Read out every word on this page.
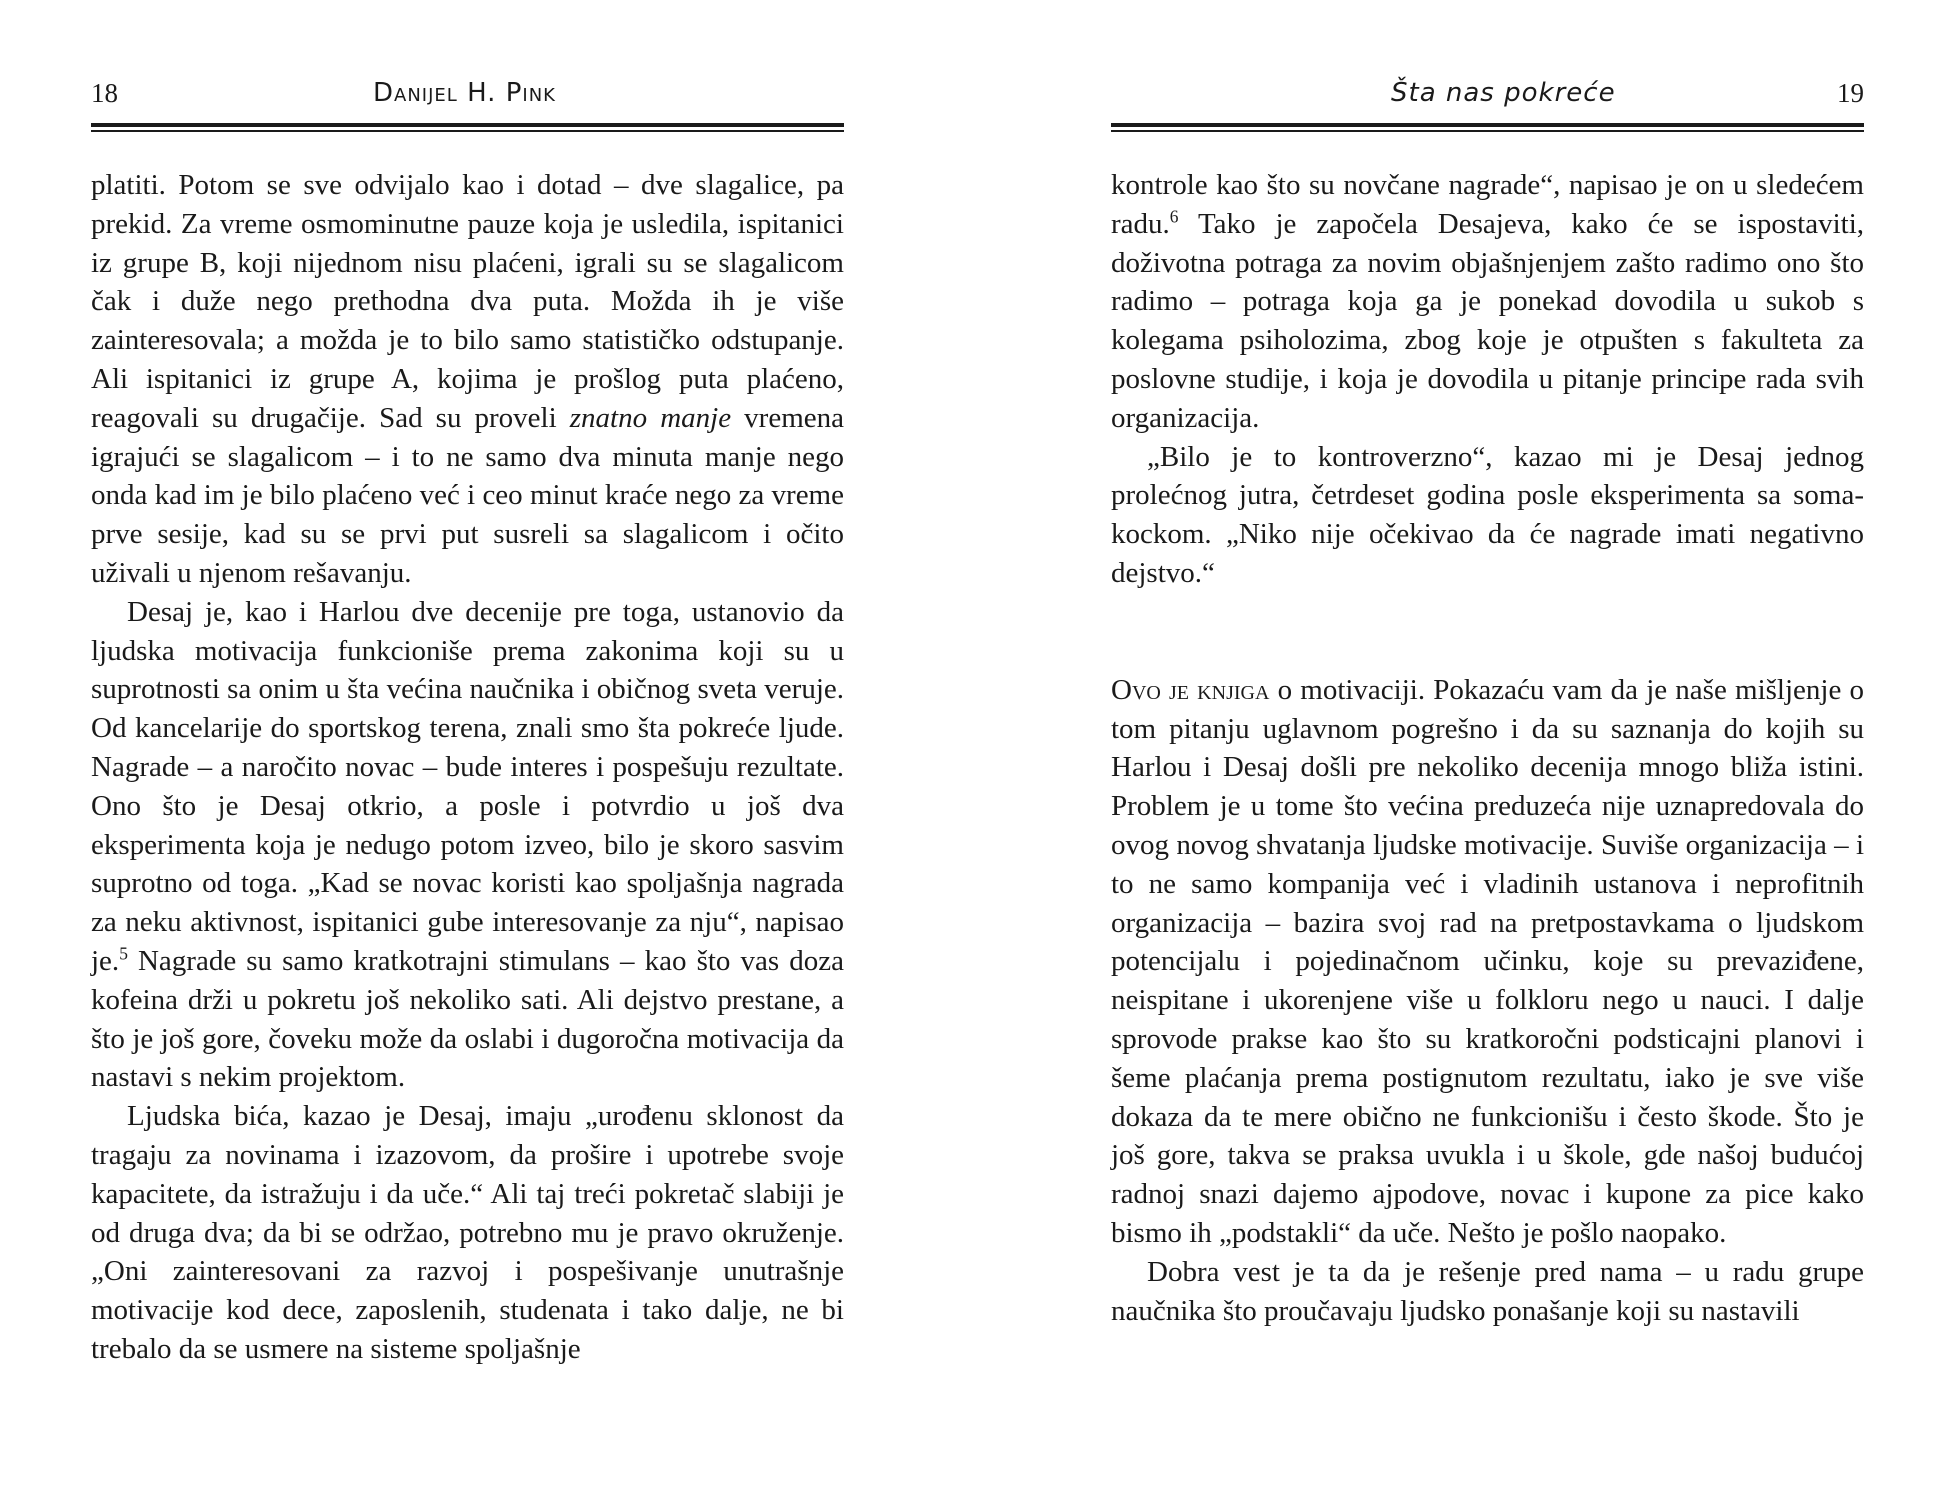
18	Danijel H. Pink

platiti. Potom se sve odvijalo kao i dotad – dve slagalice, pa prekid. Za vreme osmominutne pauze koja je usledila, ispitanici iz grupe B, koji nijednom nisu plaćeni, igrali su se slagalicom čak i duže nego prethodna dva puta. Možda ih je više zainteresovala; a možda je to bilo samo statističko odstupanje. Ali ispitanici iz grupe A, kojima je prošlog puta plaćeno, reagovali su drugačije. Sad su proveli znatno manje vremena igrajući se slagalicom – i to ne samo dva minuta manje nego onda kad im je bilo plaćeno već i ceo minut kraće nego za vreme prve sesije, kad su se prvi put susreli sa slagalicom i očito uživali u njenom rešavanju.

Desaj je, kao i Harlou dve decenije pre toga, ustanovio da ljudska motivacija funkcioniše prema zakonima koji su u suprotnosti sa onim u šta većina naučnika i običnog sveta veruje. Od kancelarije do sportskog terena, znali smo šta pokreće ljude. Nagrade – a naročito novac – bude interes i pospešuju rezultate. Ono što je Desaj otkrio, a posle i potvrdio u još dva eksperimenta koja je nedugo potom izveo, bilo je skoro sasvim suprotno od toga. „Kad se novac koristi kao spoljašnja nagrada za neku aktivnost, ispitanici gube interesovanje za nju“, napisao je.$^5$ Nagrade su samo kratkotrajni stimulans – kao što vas doza kofeina drži u pokretu još nekoliko sati. Ali dejstvo prestane, a što je još gore, čoveku može da oslabi i dugoročna motivacija da nastavi s nekim projektom.

Ljudska bića, kazao je Desaj, imaju „urođenu sklonost da tragaju za novinama i izazovom, da prošire i upotrebe svoje kapacitete, da istražuju i da uče.“ Ali taj treći pokretač slabiji je od druga dva; da bi se održao, potrebno mu je pravo okruženje. „Oni zainteresovani za razvoj i pospešivanje unutrašnje motivacije kod dece, zaposlenih, studenata i tako dalje, ne bi trebalo da se usmere na sisteme spoljašnje

Šta nas pokreće	19

kontrole kao što su novčane nagrade“, napisao je on u sledećem radu.$^6$ Tako je započela Desajeva, kako će se ispostaviti, doživotna potraga za novim objašnjenjem zašto radimo ono što radimo – potraga koja ga je ponekad dovodila u sukob s kolegama psiholozima, zbog koje je otpušten s fakulteta za poslovne studije, i koja je dovodila u pitanje principe rada svih organizacija.

„Bilo je to kontroverzno“, kazao mi je Desaj jednog prolećnog jutra, četrdeset godina posle eksperimenta sa soma-kockom. „Niko nije očekivao da će nagrade imati negativno dejstvo.“

Ovo je knjiga o motivaciji. Pokazaću vam da je naše mišljenje o tom pitanju uglavnom pogrešno i da su saznanja do kojih su Harlou i Desaj došli pre nekoliko decenija mnogo bliža istini. Problem je u tome što većina preduzeća nije uznapredovala do ovog novog shvatanja ljudske motivacije. Suviše organizacija – i to ne samo kompanija već i vladinih ustanova i neprofitnih organizacija – bazira svoj rad na pretpostavkama o ljudskom potencijalu i pojedinačnom učinku, koje su prevaziđene, neispitane i ukorenjene više u folkloru nego u nauci. I dalje sprovode prakse kao što su kratkoročni podsticajni planovi i šeme plaćanja prema postignutom rezultatu, iako je sve više dokaza da te mere obično ne funkcionišu i često škode. Što je još gore, takva se praksa uvukla i u škole, gde našoj budućoj radnoj snazi dajemo ajpodove, novac i kupone za pice kako bismo ih „podstakli“ da uče. Nešto je pošlo naopako.

Dobra vest je ta da je rešenje pred nama – u radu grupe naučnika što proučavaju ljudsko ponašanje koji su nastavili
